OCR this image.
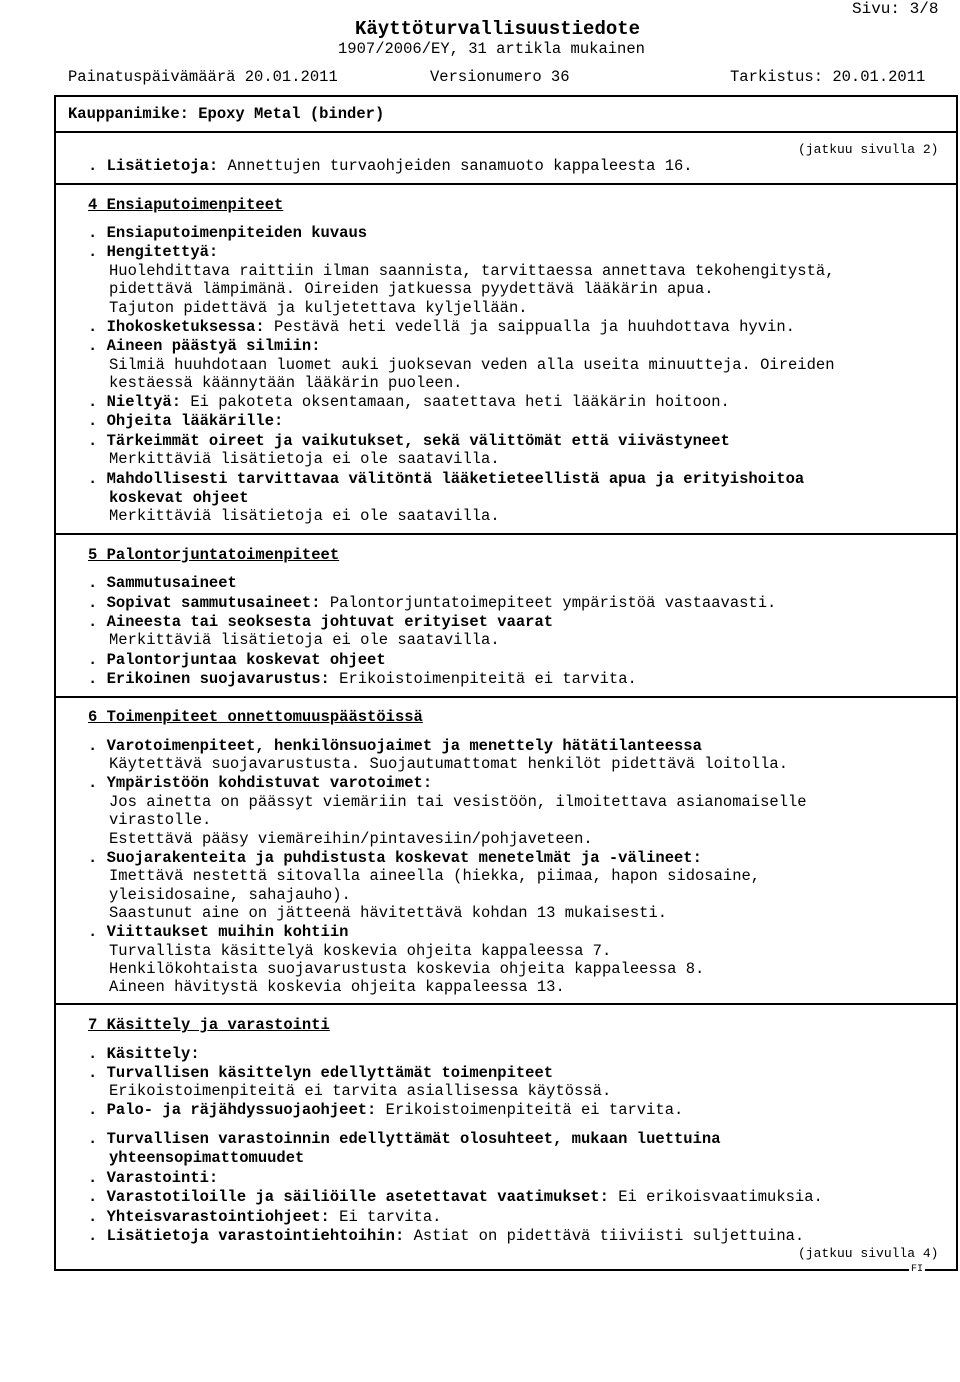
Sivu: 3/8
Käyttöturvallisuustiedote
1907/2006/EY, 31 artikla mukainen
Painatuspäivämäärä 20.01.2011	Versionumero 36	Tarkistus: 20.01.2011
Kauppanimike: Epoxy Metal (binder)
(jatkuu sivulla 2)
. Lisätietoja: Annettujen turvaohjeiden sanamuoto kappaleesta 16.
4 Ensiaputoimenpiteet
. Ensiaputoimenpiteiden kuvaus
. Hengitettyä:
Huolehdittava raittiin ilman saannista, tarvittaessa annettava tekohengitystä,
pidettävä lämpimänä. Oireiden jatkuessa pyydettävä lääkärin apua.
Tajuton pidettävä ja kuljetettava kyljellään.
. Ihokosketuksessa: Pestävä heti vedellä ja saippualla ja huuhdottava hyvin.
. Aineen päästyä silmiin:
Silmiä huuhdotaan luomet auki juoksevan veden alla useita minuutteja. Oireiden
kestäessä käännytään lääkärin puoleen.
. Nieltyä: Ei pakoteta oksentamaan, saatettava heti lääkärin hoitoon.
. Ohjeita lääkärille:
. Tärkeimmät oireet ja vaikutukset, sekä välittömät että viivästyneet
Merkittäviä lisätietoja ei ole saatavilla.
. Mahdollisesti tarvittavaa välitöntä lääketieteellistä apua ja erityishoitoa
koskevat ohjeet
Merkittäviä lisätietoja ei ole saatavilla.
5 Palontorjuntatoimenpiteet
. Sammutusaineet
. Sopivat sammutusaineet: Palontorjuntatoimepiteet ympäristöä vastaavasti.
. Aineesta tai seoksesta johtuvat erityiset vaarat
Merkittäviä lisätietoja ei ole saatavilla.
. Palontorjuntaa koskevat ohjeet
. Erikoinen suojavarustus: Erikoistoimenpiteitä ei tarvita.
6 Toimenpiteet onnettomuuspäästöissä
. Varotoimenpiteet, henkilönsuojaimet ja menettely hätätilanteessa
Käytettävä suojavarustusta. Suojautumattomat henkilöt pidettävä loitolla.
. Ympäristöön kohdistuvat varotoimet:
Jos ainetta on päässyt viemäriin tai vesistöön, ilmoitettava asianomaiselle
virastolle.
Estettävä pääsy viemäreihin/pintavesiin/pohjaveteen.
. Suojarakenteita ja puhdistusta koskevat menetelmät ja -välineet:
Imettävä nestettä sitovalla aineella (hiekka, piimaa, hapon sidosaine,
yleisidosaine, sahajauho).
Saastunut aine on jätteenä hävitettävä kohdan 13 mukaisesti.
. Viittaukset muihin kohtiin
Turvallista käsittelyä koskevia ohjeita kappaleessa 7.
Henkilökohtaista suojavarustusta koskevia ohjeita kappaleessa 8.
Aineen hävitystä koskevia ohjeita kappaleessa 13.
7 Käsittely ja varastointi
. Käsittely:
. Turvallisen käsittelyn edellyttämät toimenpiteet
Erikoistoimenpiteitä ei tarvita asiallisessa käytössä.
. Palo- ja räjähdyssuojaohjeet: Erikoistoimenpiteitä ei tarvita.
. Turvallisen varastoinnin edellyttämät olosuhteet, mukaan luettuina
yhteensopimattomuudet
. Varastointi:
. Varastotiloille ja säiliöille asetettavat vaatimukset: Ei erikoisvaatimuksia.
. Yhteisvarastointiohjeet: Ei tarvita.
. Lisätietoja varastointiehtoihin: Astiat on pidettävä tiiviisti suljettuina.
(jatkuu sivulla 4)
FI
